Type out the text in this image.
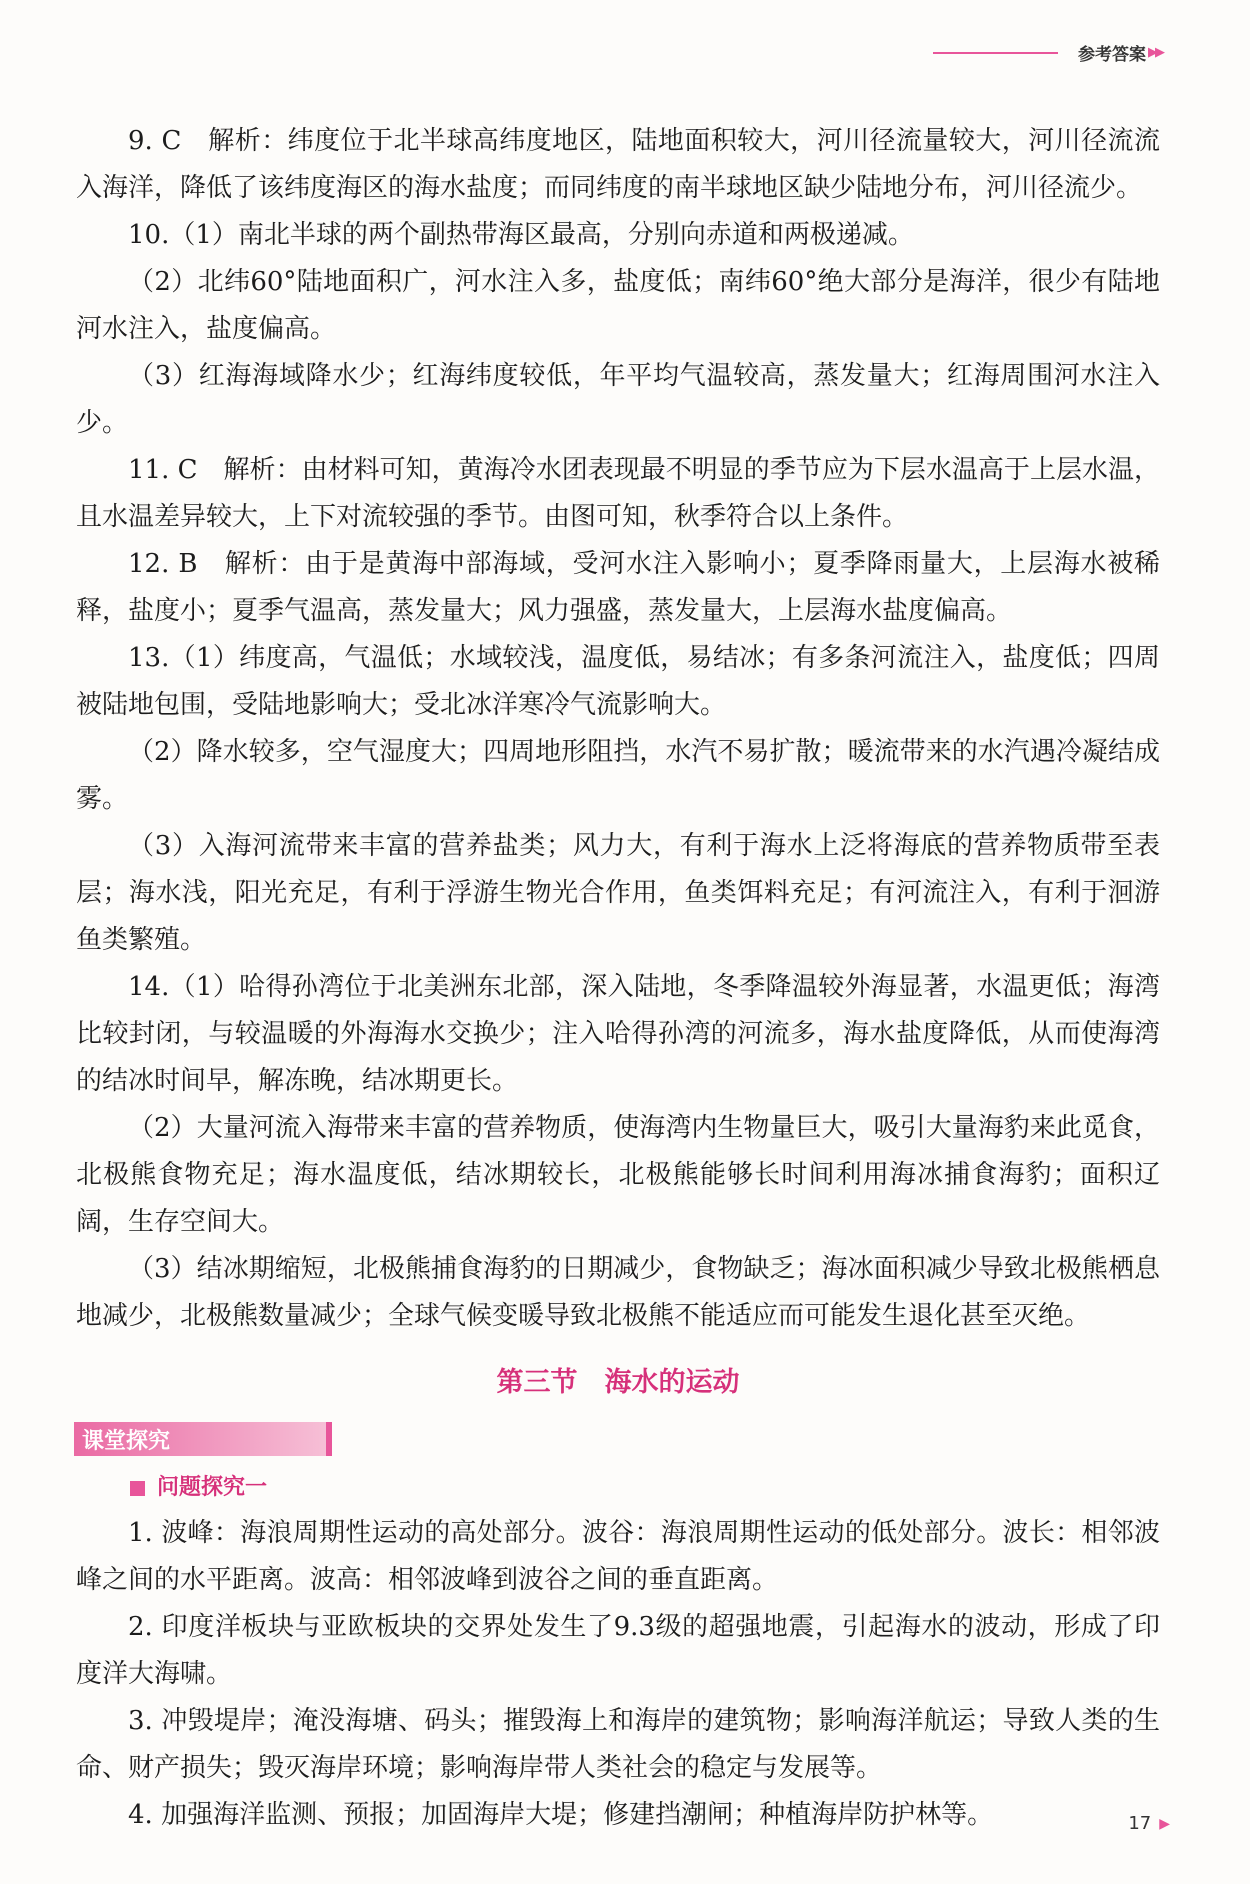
参考答案 ▶▶

9. C　解析：纬度位于北半球高纬度地区，陆地面积较大，河川径流量较大，河川径流流入海洋，降低了该纬度海区的海水盐度；而同纬度的南半球地区缺少陆地分布，河川径流少。

10.（1）南北半球的两个副热带海区最高，分别向赤道和两极递减。

（2）北纬60°陆地面积广，河水注入多，盐度低；南纬60°绝大部分是海洋，很少有陆地河水注入，盐度偏高。

（3）红海海域降水少；红海纬度较低，年平均气温较高，蒸发量大；红海周围河水注入少。

11. C　解析：由材料可知，黄海冷水团表现最不明显的季节应为下层水温高于上层水温，且水温差异较大，上下对流较强的季节。由图可知，秋季符合以上条件。

12. B　解析：由于是黄海中部海域，受河水注入影响小；夏季降雨量大，上层海水被稀释，盐度小；夏季气温高，蒸发量大；风力强盛，蒸发量大，上层海水盐度偏高。

13.（1）纬度高，气温低；水域较浅，温度低，易结冰；有多条河流注入，盐度低；四周被陆地包围，受陆地影响大；受北冰洋寒冷气流影响大。

（2）降水较多，空气湿度大；四周地形阻挡，水汽不易扩散；暖流带来的水汽遇冷凝结成雾。

（3）入海河流带来丰富的营养盐类；风力大，有利于海水上泛将海底的营养物质带至表层；海水浅，阳光充足，有利于浮游生物光合作用，鱼类饵料充足；有河流注入，有利于洄游鱼类繁殖。

14.（1）哈得孙湾位于北美洲东北部，深入陆地，冬季降温较外海显著，水温更低；海湾比较封闭，与较温暖的外海海水交换少；注入哈得孙湾的河流多，海水盐度降低，从而使海湾的结冰时间早，解冻晚，结冰期更长。

（2）大量河流入海带来丰富的营养物质，使海湾内生物量巨大，吸引大量海豹来此觅食，北极熊食物充足；海水温度低，结冰期较长，北极熊能够长时间利用海冰捕食海豹；面积辽阔，生存空间大。

（3）结冰期缩短，北极熊捕食海豹的日期减少，食物缺乏；海冰面积减少导致北极熊栖息地减少，北极熊数量减少；全球气候变暖导致北极熊不能适应而可能发生退化甚至灭绝。

第三节　海水的运动
课堂探究
问题探究一

1. 波峰：海浪周期性运动的高处部分。波谷：海浪周期性运动的低处部分。波长：相邻波峰之间的水平距离。波高：相邻波峰到波谷之间的垂直距离。

2. 印度洋板块与亚欧板块的交界处发生了9.3级的超强地震，引起海水的波动，形成了印度洋大海啸。

3. 冲毁堤岸；淹没海塘、码头；摧毁海上和海岸的建筑物；影响海洋航运；导致人类的生命、财产损失；毁灭海岸环境；影响海岸带人类社会的稳定与发展等。

4. 加强海洋监测、预报；加固海岸大堤；修建挡潮闸；种植海岸防护林等。	17 ▶
